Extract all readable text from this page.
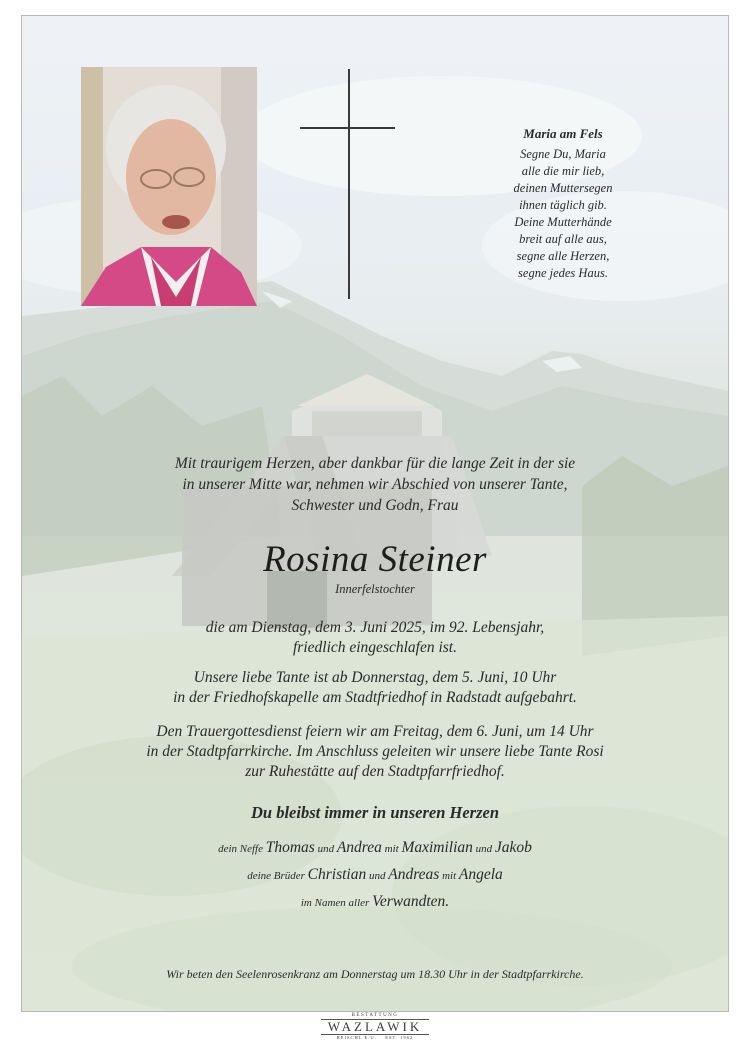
Maria am Fels
Segne Du, Maria
alle die mir lieb,
deinen Muttersegen
ihnen täglich gib.
Deine Mutterhände
breit auf alle aus,
segne alle Herzen,
segne jedes Haus.
Mit traurigem Herzen, aber dankbar für die lange Zeit in der sie
in unserer Mitte war, nehmen wir Abschied von unserer Tante,
Schwester und Godn, Frau
Rosina Steiner
Innerfelstochter
die am Dienstag, dem 3. Juni 2025, im 92. Lebensjahr,
friedlich eingeschlafen ist.
Unsere liebe Tante ist ab Donnerstag, dem 5. Juni, 10 Uhr
in der Friedhofskapelle am Stadtfriedhof in Radstadt aufgebahrt.
Den Trauergottesdienst feiern wir am Freitag, dem 6. Juni, um 14 Uhr
in der Stadtpfarrkirche. Im Anschluss geleiten wir unsere liebe Tante Rosi
zur Ruhestätte auf den Stadtpfarrfriedhof.
Du bleibst immer in unseren Herzen
dein Neffe Thomas und Andrea mit Maximilian und Jakob
deine Brüder Christian und Andreas mit Angela
im Namen aller Verwandten.
Wir beten den Seelenrosenkranz am Donnerstag um 18.30 Uhr in der Stadtpfarrkirche.
BESTATTUNG
WAZLAWIK
REISCHL E.U. EST. 1962
